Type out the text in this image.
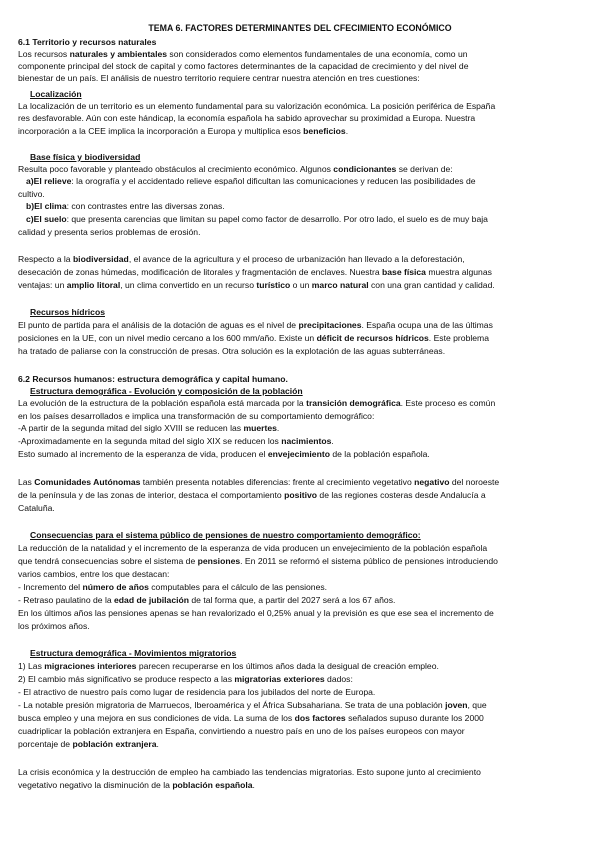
TEMA 6. FACTORES DETERMINANTES DEL CFECIMIENTO ECONÓMICO
6.1 Territorio y recursos naturales
Los recursos naturales y ambientales son considerados como elementos fundamentales de una economía, como un
componente principal del stock de capital y como factores determinantes de la capacidad de crecimiento y del nivel de
bienestar de un país. El análisis de nuestro territorio requiere centrar nuestra atención en tres cuestiones:
Localización
La localización de un territorio es un elemento fundamental para su valorización económica. La posición periférica de España
res desfavorable. Aún con este hándicap, la economía española ha sabido aprovechar su proximidad a Europa. Nuestra
incorporación a la CEE implica la incorporación a Europa y multiplica esos beneficios.
Base física y biodiversidad
Resulta poco favorable y planteado obstáculos al crecimiento económico. Algunos condicionantes se derivan de:
a)El relieve: la orografía y el accidentado relieve español dificultan las comunicaciones y reducen las posibilidades de
cultivo.
b)El clima: con contrastes entre las diversas zonas.
c)El suelo: que presenta carencias que limitan su papel como factor de desarrollo. Por otro lado, el suelo es de muy baja
calidad y presenta serios problemas de erosión.
Respecto a la biodiversidad, el avance de la agricultura y el proceso de urbanización han llevado a la deforestación,
desecación de zonas húmedas, modificación de litorales y fragmentación de enclaves. Nuestra base física muestra algunas
ventajas: un amplio litoral, un clima convertido en un recurso turístico o un marco natural con una gran cantidad y calidad.
Recursos hídricos
El punto de partida para el análisis de la dotación de aguas es el nivel de precipitaciones. España ocupa una de las últimas
posiciones en la UE, con un nivel medio cercano a los 600 mm/año. Existe un déficit de recursos hídricos. Este problema
ha tratado de paliarse con la construcción de presas. Otra solución es la explotación de las aguas subterráneas.
6.2 Recursos humanos: estructura demográfica y capital humano.
Estructura demográfica - Evolución y composición de la población
La evolución de la estructura de la población española está marcada por la transición demográfica. Este proceso es común
en los países desarrollados e implica una transformación de su comportamiento demográfico:
-A partir de la segunda mitad del siglo XVIII se reducen las muertes.
-Aproximadamente en la segunda mitad del siglo XIX se reducen los nacimientos.
Esto sumado al incremento de la esperanza de vida, producen el envejecimiento de la población española.
Las Comunidades Autónomas también presenta notables diferencias: frente al crecimiento vegetativo negativo del noroeste
de la península y de las zonas de interior, destaca el comportamiento positivo de las regiones costeras desde Andalucía a
Cataluña.
Consecuencias para el sistema público de pensiones de nuestro comportamiento demográfico:
La reducción de la natalidad y el incremento de la esperanza de vida producen un envejecimiento de la población española
que tendrá consecuencias sobre el sistema de pensiones. En 2011 se reformó el sistema público de pensiones introduciendo
varios cambios, entre los que destacan:
- Incremento del número de años computables para el cálculo de las pensiones.
- Retraso paulatino de la edad de jubilación de tal forma que, a partir del 2027 será a los 67 años.
En los últimos años las pensiones apenas se han revalorizado el 0,25% anual y la previsión es que ese sea el incremento de
los próximos años.
Estructura demográfica - Movimientos migratorios
1) Las migraciones interiores parecen recuperarse en los últimos años dada la desigual de creación empleo.
2) El cambio más significativo se produce respecto a las migratorias exteriores dados:
- El atractivo de nuestro país como lugar de residencia para los jubilados del norte de Europa.
- La notable presión migratoria de Marruecos, Iberoamérica y el África Subsahariana. Se trata de una población joven, que
busca empleo y una mejora en sus condiciones de vida. La suma de los dos factores señalados supuso durante los 2000
cuadriplicar la población extranjera en España, convirtiendo a nuestro país en uno de los países europeos con mayor
porcentaje de población extranjera.
La crisis económica y la destrucción de empleo ha cambiado las tendencias migratorias. Esto supone junto al crecimiento
vegetativo negativo la disminución de la población española.
